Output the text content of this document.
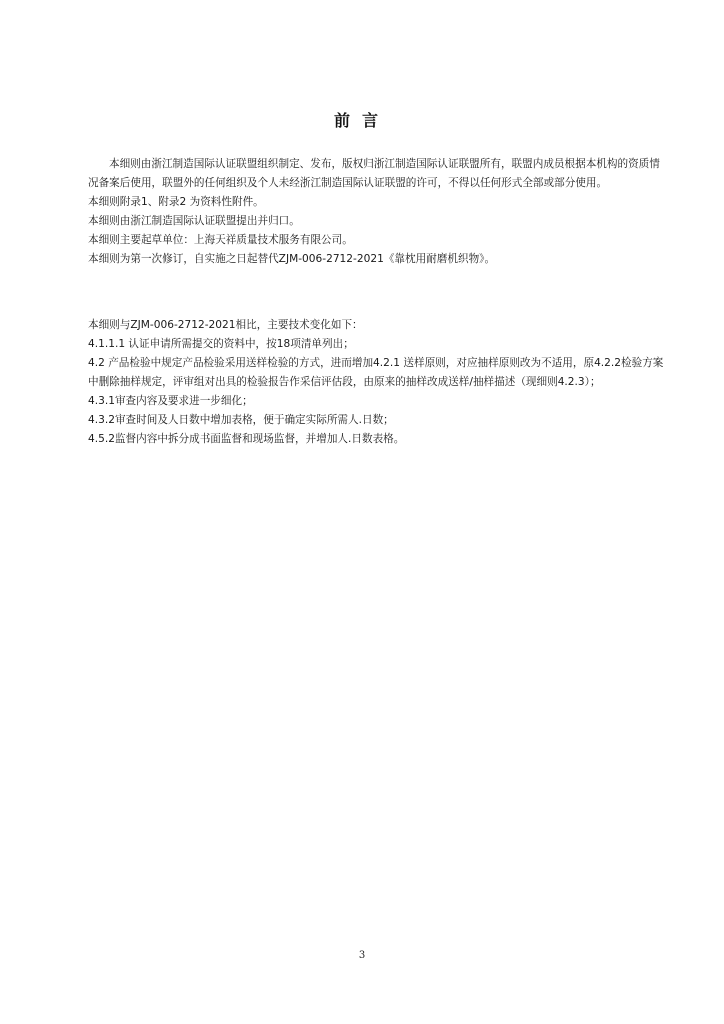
前言

本细则由浙江制造国际认证联盟组织制定、发布，版权归浙江制造国际认证联盟所有，联盟内成员根据本机构的资质情况备案后使用，联盟外的任何组织及个人未经浙江制造国际认证联盟的许可，不得以任何形式全部或部分使用。

本细则附录1、附录2 为资料性附件。

本细则由浙江制造国际认证联盟提出并归口。

本细则主要起草单位：上海天祥质量技术服务有限公司。

本细则为第一次修订，自实施之日起替代ZJM-006-2712-2021《靠枕用耐磨机织物》。

本细则与ZJM-006-2712-2021相比，主要技术变化如下：

4.1.1.1 认证申请所需提交的资料中，按18项清单列出；

4.2 产品检验中规定产品检验采用送样检验的方式，进而增加4.2.1 送样原则，对应抽样原则改为不适用，原4.2.2检验方案中删除抽样规定，评审组对出具的检验报告作采信评估段，由原来的抽样改成送样/抽样描述（现细则4.2.3）；

4.3.1审查内容及要求进一步细化；

4.3.2审查时间及人日数中增加表格，便于确定实际所需人.日数；

4.5.2监督内容中拆分成书面监督和现场监督，并增加人.日数表格。

3
